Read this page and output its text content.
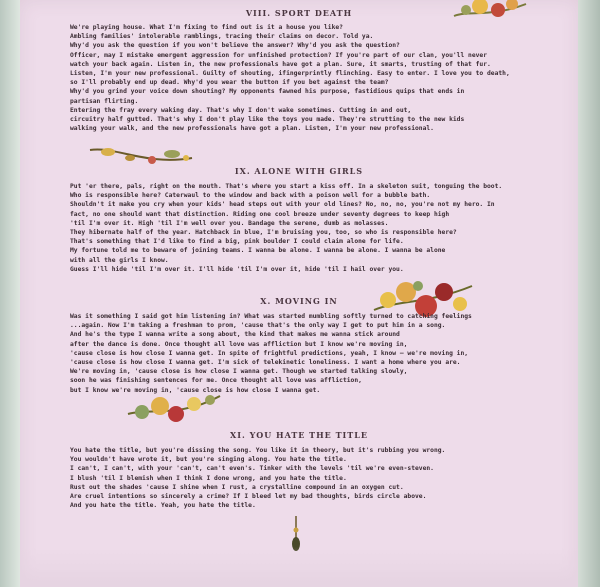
VIII. SPORT DEATH

We're playing house. What I'm fixing to find out is it a house you like?

Ambling families' intolerable ramblings, tracing their claims on decor. Told ya.

Why'd you ask the question if you won't believe the answer? Why'd you ask the question?

Officer, may I mistake emergent aggression for unfinished protection? If you're part of our clan, you'll never

watch your back again. Listen in, the new professionals have got a plan. Sure, it smarts, trusting of that fur.

Listen, I'm your new professional. Guilty of shouting, ifingerprintly flinching. Easy to enter. I love you to death,

so I'll probably end up dead. Why'd you wear the button if you bet against the team?

Why'd you grind your voice down shouting? My opponents fawned his purpose, fastidious quips that ends in

partisan flirting.

Entering the fray every waking day. That's why I don't wake sometimes. Cutting in and out,

circuitry half gutted. That's why I don't play like the toys you made. They're strutting to the new kids

walking your walk, and the new professionals have got a plan. Listen, I'm your new professional.

IX. ALONE WITH GIRLS

Put 'er there, pals, right on the mouth. That's where you start a kiss off. In a skeleton suit, tonguing the boot.

Who is responsible here? Caterwaul to the window and back with a poison well for a bubble bath.

Shouldn't it make you cry when your kids' head steps out with your old lines? No, no, no, you're not my hero. In

fact, no one should want that distinction. Riding one cool breeze under seventy degrees to keep high

'til I'm over it. High 'til I'm well over you. Bandage the serene, dumb as molasses.

They hibernate half of the year. Hatchback in blue, I'm bruising you, too, so who is responsible here?

That's something that I'd like to find a big, pink boulder I could claim alone for life.

My fortune told me to beware of joining teams. I wanna be alone. I wanna be alone. I wanna be alone

with all the girls I know.

Guess I'll hide 'til I'm over it. I'll hide 'til I'm over it, hide 'til I hail over you.

X. MOVING IN

Was it something I said got him listening in? What was started mumbling softly turned to catching feelings

...again. Now I'm taking a freshman to prom, 'cause that's the only way I get to put him in a song.

And he's the type I wanna write a song about, the kind that makes me wanna stick around

after the dance is done. Once thought all love was affliction but I know we're moving in,

'cause close is how close I wanna get. In spite of frightful predictions, yeah, I know — we're moving in,

'cause close is how close I wanna get. I'm sick of telekinetic loneliness. I want a home where you are.

We're moving in, 'cause close is how close I wanna get. Though we started talking slowly,

soon he was finishing sentences for me. Once thought all love was affliction,

but I know we're moving in, 'cause close is how close I wanna get.

XI. YOU HATE THE TITLE

You hate the title, but you're dissing the song. You like it in theory, but it's rubbing you wrong.

You wouldn't have wrote it, but you're singing along. You hate the title.

I can't, I can't, with your 'can't, can't even's. Tinker with the levels 'til we're even-steven.

I blush 'til I blemish when I think I done wrong, and you hate the title.

Rust out the shades 'cause I shine when I rust, a crystalline compound in an oxygen cut.

Are cruel intentions so sincerely a crime? If I bleed let my bad thoughts, birds circle above.

And you hate the title. Yeah, you hate the title.
